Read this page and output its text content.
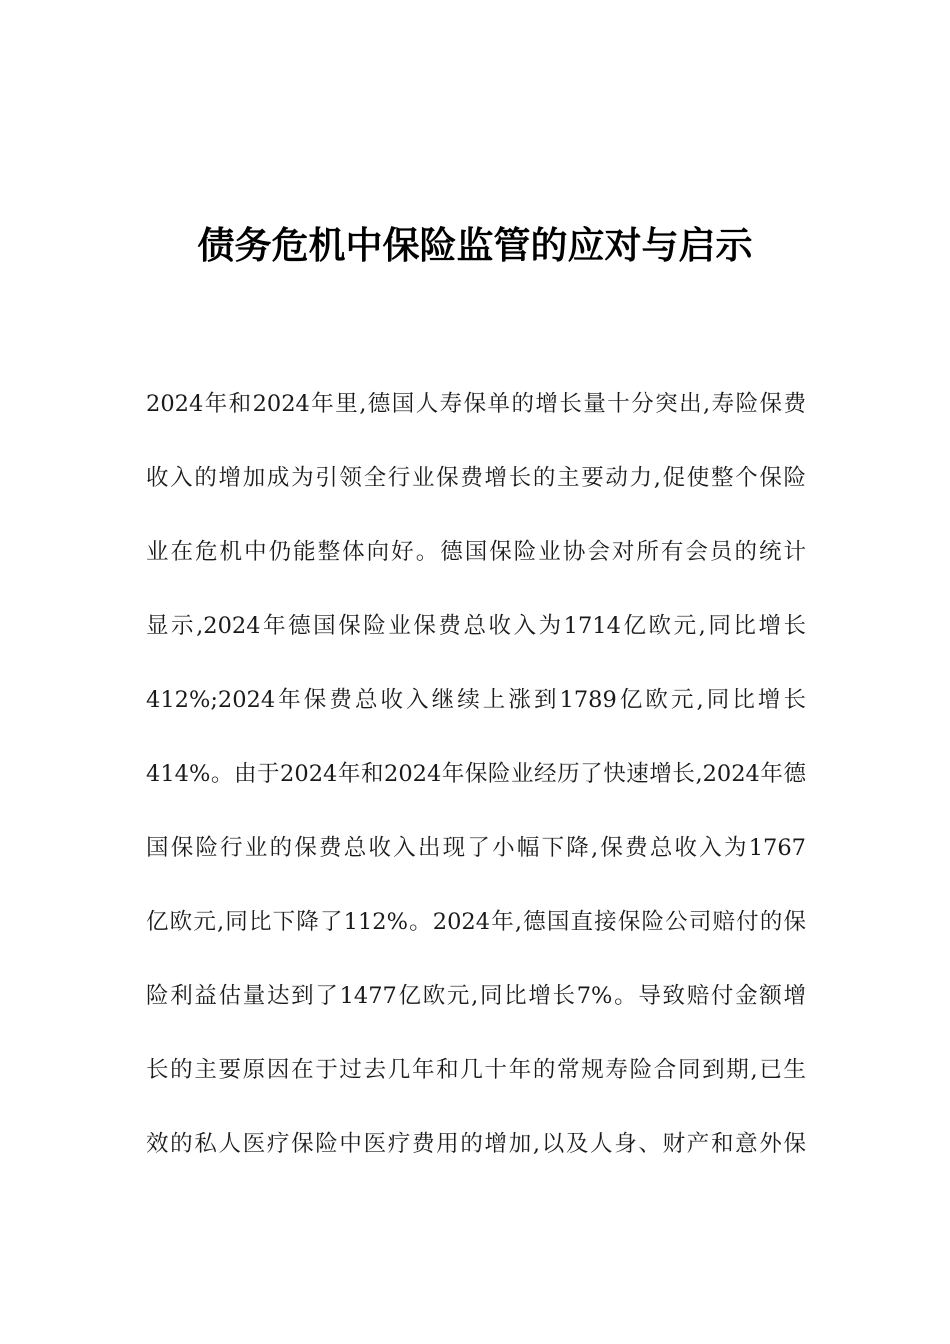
债务危机中保险监管的应对与启示
2024年和2024年里,德国人寿保单的增长量十分突出,寿险保费
收入的增加成为引领全行业保费增长的主要动力,促使整个保险
业在危机中仍能整体向好。德国保险业协会对所有会员的统计
显示,2024年德国保险业保费总收入为1714亿欧元,同比增长
412%;2024年保费总收入继续上涨到1789亿欧元,同比增长
414%。由于2024年和2024年保险业经历了快速增长,2024年德
国保险行业的保费总收入出现了小幅下降,保费总收入为1767
亿欧元,同比下降了112%。2024年,德国直接保险公司赔付的保
险利益估量达到了1477亿欧元,同比增长7%。导致赔付金额增
长的主要原因在于过去几年和几十年的常规寿险合同到期,已生
效的私人医疗保险中医疗费用的增加,以及人身、财产和意外保
